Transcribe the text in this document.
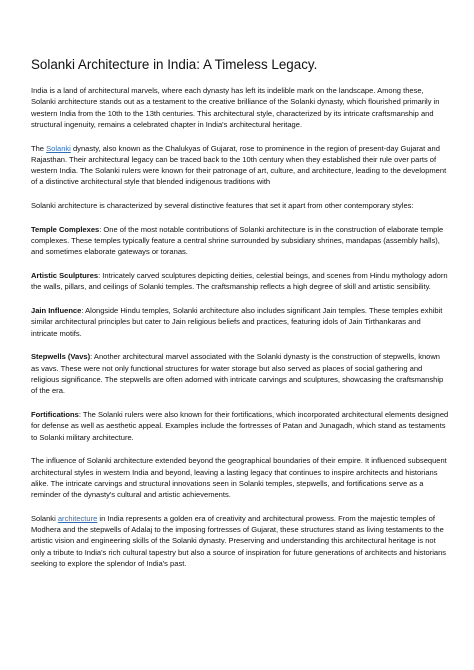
Solanki Architecture in India: A Timeless Legacy.

India is a land of architectural marvels, where each dynasty has left its indelible mark on the landscape. Among these, Solanki architecture stands out as a testament to the creative brilliance of the Solanki dynasty, which flourished primarily in western India from the 10th to the 13th centuries. This architectural style, characterized by its intricate craftsmanship and structural ingenuity, remains a celebrated chapter in India's architectural heritage.

The Solanki dynasty, also known as the Chalukyas of Gujarat, rose to prominence in the region of present-day Gujarat and Rajasthan. Their architectural legacy can be traced back to the 10th century when they established their rule over parts of western India. The Solanki rulers were known for their patronage of art, culture, and architecture, leading to the development of a distinctive architectural style that blended indigenous traditions with

Solanki architecture is characterized by several distinctive features that set it apart from other contemporary styles:

Temple Complexes: One of the most notable contributions of Solanki architecture is in the construction of elaborate temple complexes. These temples typically feature a central shrine surrounded by subsidiary shrines, mandapas (assembly halls), and sometimes elaborate gateways or toranas.

Artistic Sculptures: Intricately carved sculptures depicting deities, celestial beings, and scenes from Hindu mythology adorn the walls, pillars, and ceilings of Solanki temples. The craftsmanship reflects a high degree of skill and artistic sensibility.

Jain Influence: Alongside Hindu temples, Solanki architecture also includes significant Jain temples. These temples exhibit similar architectural principles but cater to Jain religious beliefs and practices, featuring idols of Jain Tirthankaras and intricate motifs.

Stepwells (Vavs): Another architectural marvel associated with the Solanki dynasty is the construction of stepwells, known as vavs. These were not only functional structures for water storage but also served as places of social gathering and religious significance. The stepwells are often adorned with intricate carvings and sculptures, showcasing the craftsmanship of the era.

Fortifications: The Solanki rulers were also known for their fortifications, which incorporated architectural elements designed for defense as well as aesthetic appeal. Examples include the fortresses of Patan and Junagadh, which stand as testaments to Solanki military architecture.

The influence of Solanki architecture extended beyond the geographical boundaries of their empire. It influenced subsequent architectural styles in western India and beyond, leaving a lasting legacy that continues to inspire architects and historians alike. The intricate carvings and structural innovations seen in Solanki temples, stepwells, and fortifications serve as a reminder of the dynasty's cultural and artistic achievements.

Solanki architecture in India represents a golden era of creativity and architectural prowess. From the majestic temples of Modhera and the stepwells of Adalaj to the imposing fortresses of Gujarat, these structures stand as living testaments to the artistic vision and engineering skills of the Solanki dynasty. Preserving and understanding this architectural heritage is not only a tribute to India's rich cultural tapestry but also a source of inspiration for future generations of architects and historians seeking to explore the splendor of India's past.
